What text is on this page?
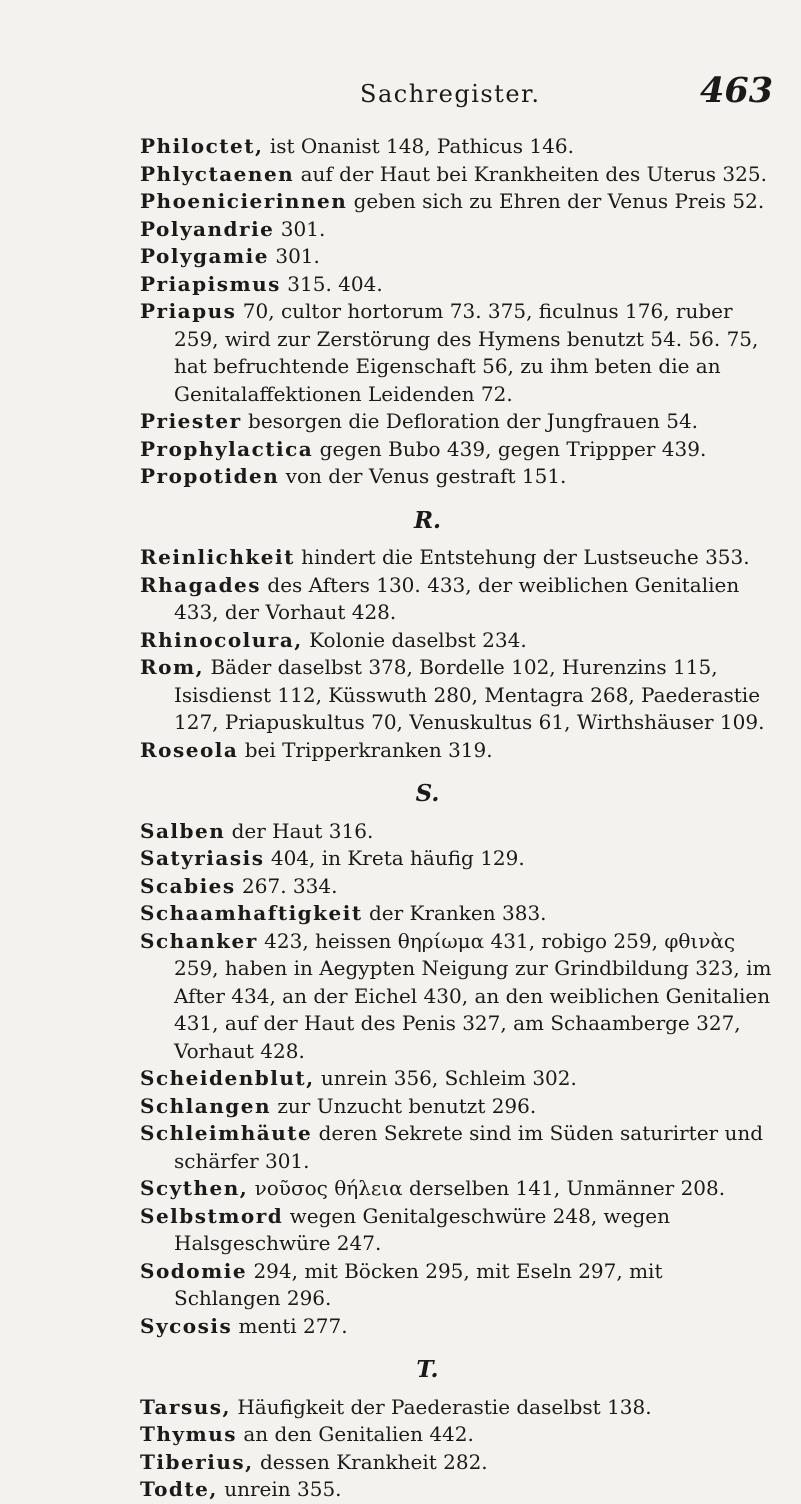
Sachregister.	463

Philoctet, ist Onanist 148, Pathicus 146.

Phlyctaenen auf der Haut bei Krankheiten des Uterus 325.

Phoenicierinnen geben sich zu Ehren der Venus Preis 52.

Polyandrie 301.

Polygamie 301.

Priapismus 315. 404.

Priapus 70, cultor hortorum 73. 375, ficulnus 176, ruber 259, wird zur Zerstörung des Hymens benutzt 54. 56. 75, hat befruchtende Eigenschaft 56, zu ihm beten die an Genitalaffektionen Leidenden 72.

Priester besorgen die Defloration der Jungfrauen 54.

Prophylactica gegen Bubo 439, gegen Trippper 439.

Propotiden von der Venus gestraft 151.

R.

Reinlichkeit hindert die Entstehung der Lustseuche 353.

Rhagades des Afters 130. 433, der weiblichen Genitalien 433, der Vorhaut 428.

Rhinocolura, Kolonie daselbst 234.

Rom, Bäder daselbst 378, Bordelle 102, Hurenzins 115, Isisdienst 112, Küsswuth 280, Mentagra 268, Paederastie 127, Priapuskultus 70, Venuskultus 61, Wirthshäuser 109.

Roseola bei Tripperkranken 319.

S.

Salben der Haut 316.

Satyriasis 404, in Kreta häufig 129.

Scabies 267. 334.

Schaamhaftigkeit der Kranken 383.

Schanker 423, heissen θηρίωμα 431, robigo 259, φθινὰς 259, haben in Aegypten Neigung zur Grindbildung 323, im After 434, an der Eichel 430, an den weiblichen Genitalien 431, auf der Haut des Penis 327, am Schaamberge 327, Vorhaut 428.

Scheidenblut, unrein 356, Schleim 302.

Schlangen zur Unzucht benutzt 296.

Schleimhäute deren Sekrete sind im Süden saturirter und schärfer 301.

Scythen, νοῦσος θήλεια derselben 141, Unmänner 208.

Selbstmord wegen Genitalgeschwüre 248, wegen Halsgeschwüre 247.

Sodomie 294, mit Böcken 295, mit Eseln 297, mit Schlangen 296.

Sycosis menti 277.

T.

Tarsus, Häufigkeit der Paederastie daselbst 138.

Thymus an den Genitalien 442.

Tiberius, dessen Krankheit 282.

Todte, unrein 355.
